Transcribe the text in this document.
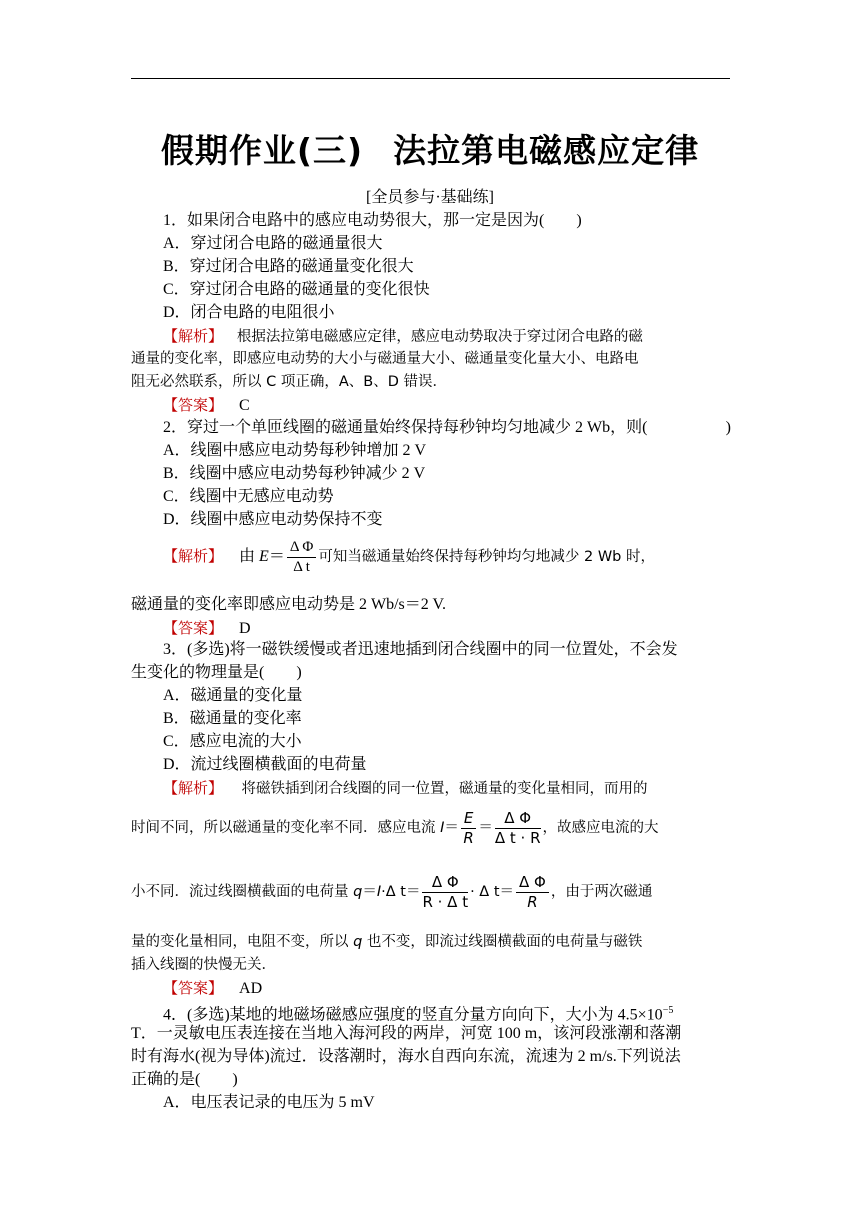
假期作业(三) 法拉第电磁感应定律
[全员参与·基础练]
1．如果闭合电路中的感应电动势很大，那一定是因为(　　)
A．穿过闭合电路的磁通量很大
B．穿过闭合电路的磁通量变化很大
C．穿过闭合电路的磁通量的变化很快
D．闭合电路的电阻很小
【解析】 根据法拉第电磁感应定律，感应电动势取决于穿过闭合电路的磁
通量的变化率，即感应电动势的大小与磁通量大小、磁通量变化量大小、电路电
阻无必然联系，所以 C 项正确，A、B、D 错误．
【答案】 C
2．穿过一个单匝线圈的磁通量始终保持每秒钟均匀地减少 2 Wb，则(	)
A．线圈中感应电动势每秒钟增加 2 V
B．线圈中感应电动势每秒钟减少 2 V
C．线圈中无感应电动势
D．线圈中感应电动势保持不变
【解析】 由 $E= \frac{\text{Δ Φ}}{\text{Δ t}}$ 可知当磁通量始终保持每秒钟均匀地减少 2 Wb 时，
磁通量的变化率即感应电动势是 2 Wb/s＝2 V.
【答案】 D
3．(多选)将一磁铁缓慢或者迅速地插到闭合线圈中的同一位置处，不会发
生变化的物理量是(　　)
A．磁通量的变化量
B．磁通量的变化率
C．感应电流的大小
D．流过线圈横截面的电荷量
【解析】 将磁铁插到闭合线圈的同一位置，磁通量的变化量相同，而用的
时间不同，所以磁通量的变化率不同．感应电流 $I= \frac{E}{R} = \frac{\text{Δ Φ}}{\text{Δ t · R}}$ ，故感应电流的大
小不同．流过线圈横截面的电荷量 q＝I·Δ $t= \frac{\text{Δ Φ}}{\text{R · Δ t}} \cdot \Delta$ $t= \frac{\text{Δ Φ}}{R}$ ，由于两次磁通
量的变化量相同，电阻不变，所以 q 也不变，即流过线圈横截面的电荷量与磁铁
插入线圈的快慢无关．
【答案】 AD
4．(多选)某地的地磁场磁感应强度的竖直分量方向向下，大小为 $4.5\times 10^{-5}$
T．一灵敏电压表连接在当地入海河段的两岸，河宽 100 m，该河段涨潮和落潮
时有海水(视为导体)流过．设落潮时，海水自西向东流，流速为 2 m/s.下列说法
正确的是(　　)
A．电压表记录的电压为 5 mV
